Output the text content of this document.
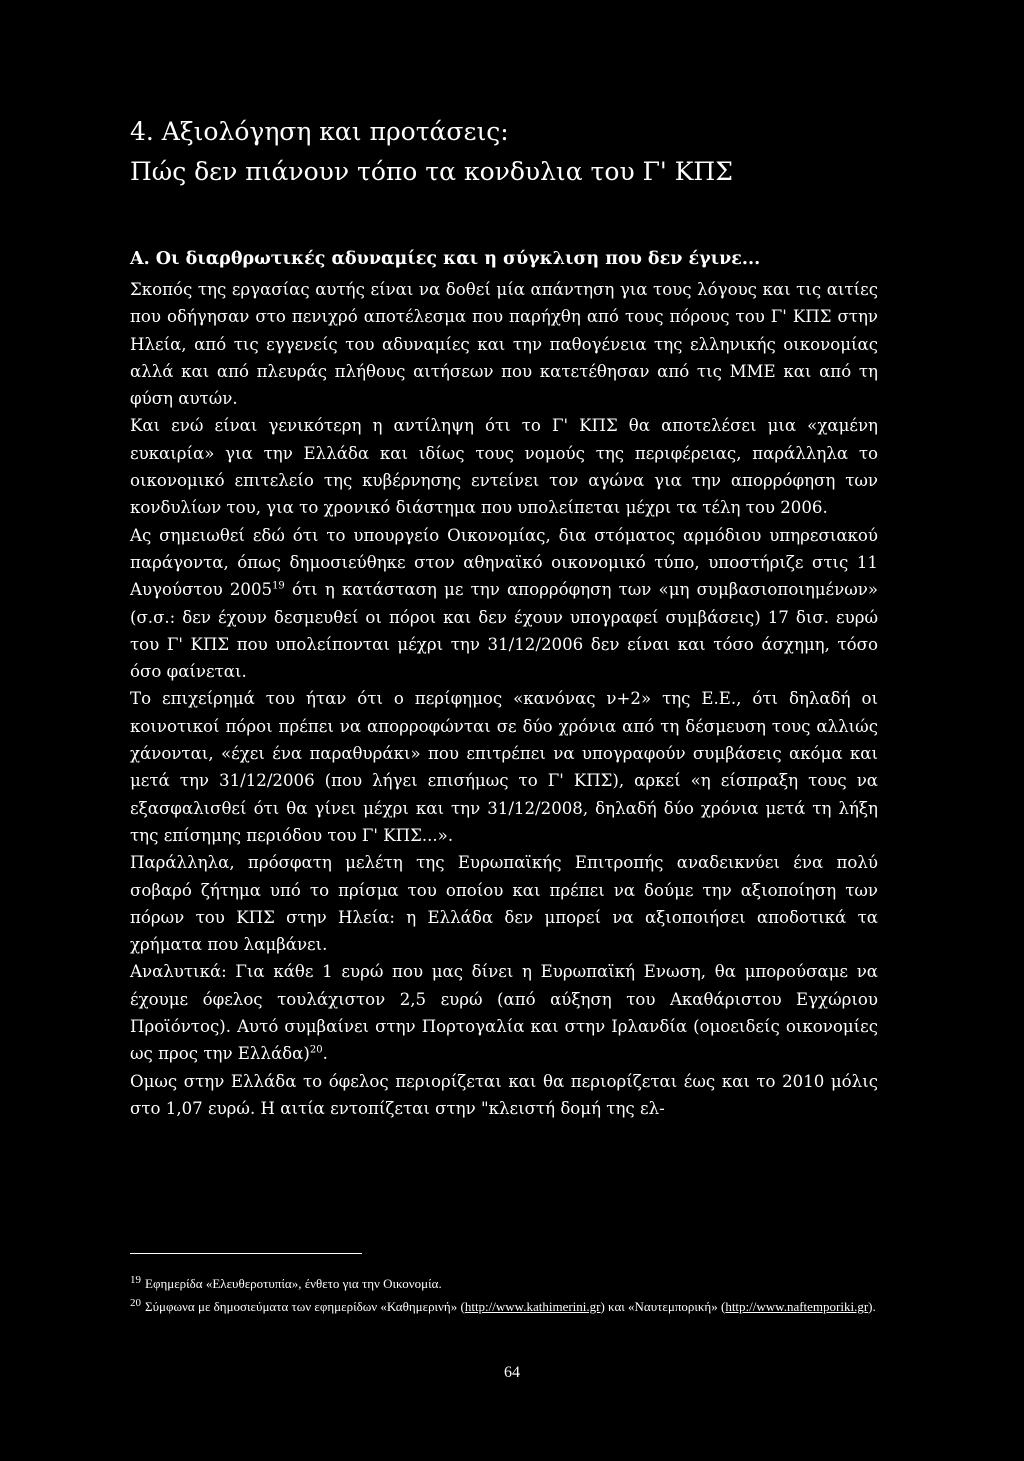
4. Αξιολόγηση και προτάσεις:
Πώς δεν πιάνουν τόπο τα κονδυλια του Γ' ΚΠΣ
Α. Οι διαρθρωτικές αδυναμίες και η σύγκλιση που δεν έγινε...

Σκοπός της εργασίας αυτής είναι να δοθεί μία απάντηση για τους λόγους και τις αιτίες που οδήγησαν στο πενιχρό αποτέλεσμα που παρήχθη από τους πόρους του Γ' ΚΠΣ στην Ηλεία, από τις εγγενείς του αδυναμίες και την παθογένεια της ελληνικής οικονομίας αλλά και από πλευράς πλήθους αιτήσεων που κατετέθησαν από τις ΜΜΕ και από τη φύση αυτών.

Και ενώ είναι γενικότερη η αντίληψη ότι το Γ' ΚΠΣ θα αποτελέσει μια «χαμένη ευκαιρία» για την Ελλάδα και ιδίως τους νομούς της περιφέρειας, παράλληλα το οικονομικό επιτελείο της κυβέρνησης εντείνει τον αγώνα για την απορρόφηση των κονδυλίων του, για το χρονικό διάστημα που υπολείπεται μέχρι τα τέλη του 2006.

Ας σημειωθεί εδώ ότι το υπουργείο Οικονομίας, δια στόματος αρμόδιου υπηρεσιακού παράγοντα, όπως δημοσιεύθηκε στον αθηναϊκό οικονομικό τύπο, υποστήριζε στις 11 Αυγούστου 2005$^{19}$ ότι η κατάσταση με την απορρόφηση των «μη συμβασιοποιημένων» (σ.σ.: δεν έχουν δεσμευθεί οι πόροι και δεν έχουν υπογραφεί συμβάσεις) 17 δισ. ευρώ του Γ' ΚΠΣ που υπολείπονται μέχρι την 31/12/2006 δεν είναι και τόσο άσχημη, τόσο όσο φαίνεται.

Το επιχείρημά του ήταν ότι ο περίφημος «κανόνας ν+2» της Ε.Ε., ότι δηλαδή οι κοινοτικοί πόροι πρέπει να απορροφώνται σε δύο χρόνια από τη δέσμευση τους αλλιώς χάνονται, «έχει ένα παραθυράκι» που επιτρέπει να υπογραφούν συμβάσεις ακόμα και μετά την 31/12/2006 (που λήγει επισήμως το Γ' ΚΠΣ), αρκεί «η είσπραξη τους να εξασφαλισθεί ότι θα γίνει μέχρι και την 31/12/2008, δηλαδή δύο χρόνια μετά τη λήξη της επίσημης περιόδου του Γ' ΚΠΣ...».

Παράλληλα, πρόσφατη μελέτη της Ευρωπαϊκής Επιτροπής αναδεικνύει ένα πολύ σοβαρό ζήτημα υπό το πρίσμα του οποίου και πρέπει να δούμε την αξιοποίηση των πόρων του ΚΠΣ στην Ηλεία: η Ελλάδα δεν μπορεί να αξιοποιήσει αποδοτικά τα χρήματα που λαμβάνει.

Αναλυτικά: Για κάθε 1 ευρώ που μας δίνει η Ευρωπαϊκή Ενωση, θα μπορούσαμε να έχουμε όφελος τουλάχιστον 2,5 ευρώ (από αύξηση του Ακαθάριστου Εγχώριου Προϊόντος). Αυτό συμβαίνει στην Πορτογαλία και στην Ιρλανδία (ομοειδείς οικονομίες ως προς την Ελλάδα)$^{20}$.

Ομως στην Ελλάδα το όφελος περιορίζεται και θα περιορίζεται έως και το 2010 μόλις στο 1,07 ευρώ. Η αιτία εντοπίζεται στην "κλειστή δομή της ελ-

$^{19}$ Εφημερίδα «Ελευθεροτυπία», ένθετο για την Οικονομία.

$^{20}$ Σύμφωνα με δημοσιεύματα των εφημερίδων «Καθημερινή» (http://www.kathimerini.gr) και «Ναυτεμπορική» (http://www.naftemporiki.gr).

64
